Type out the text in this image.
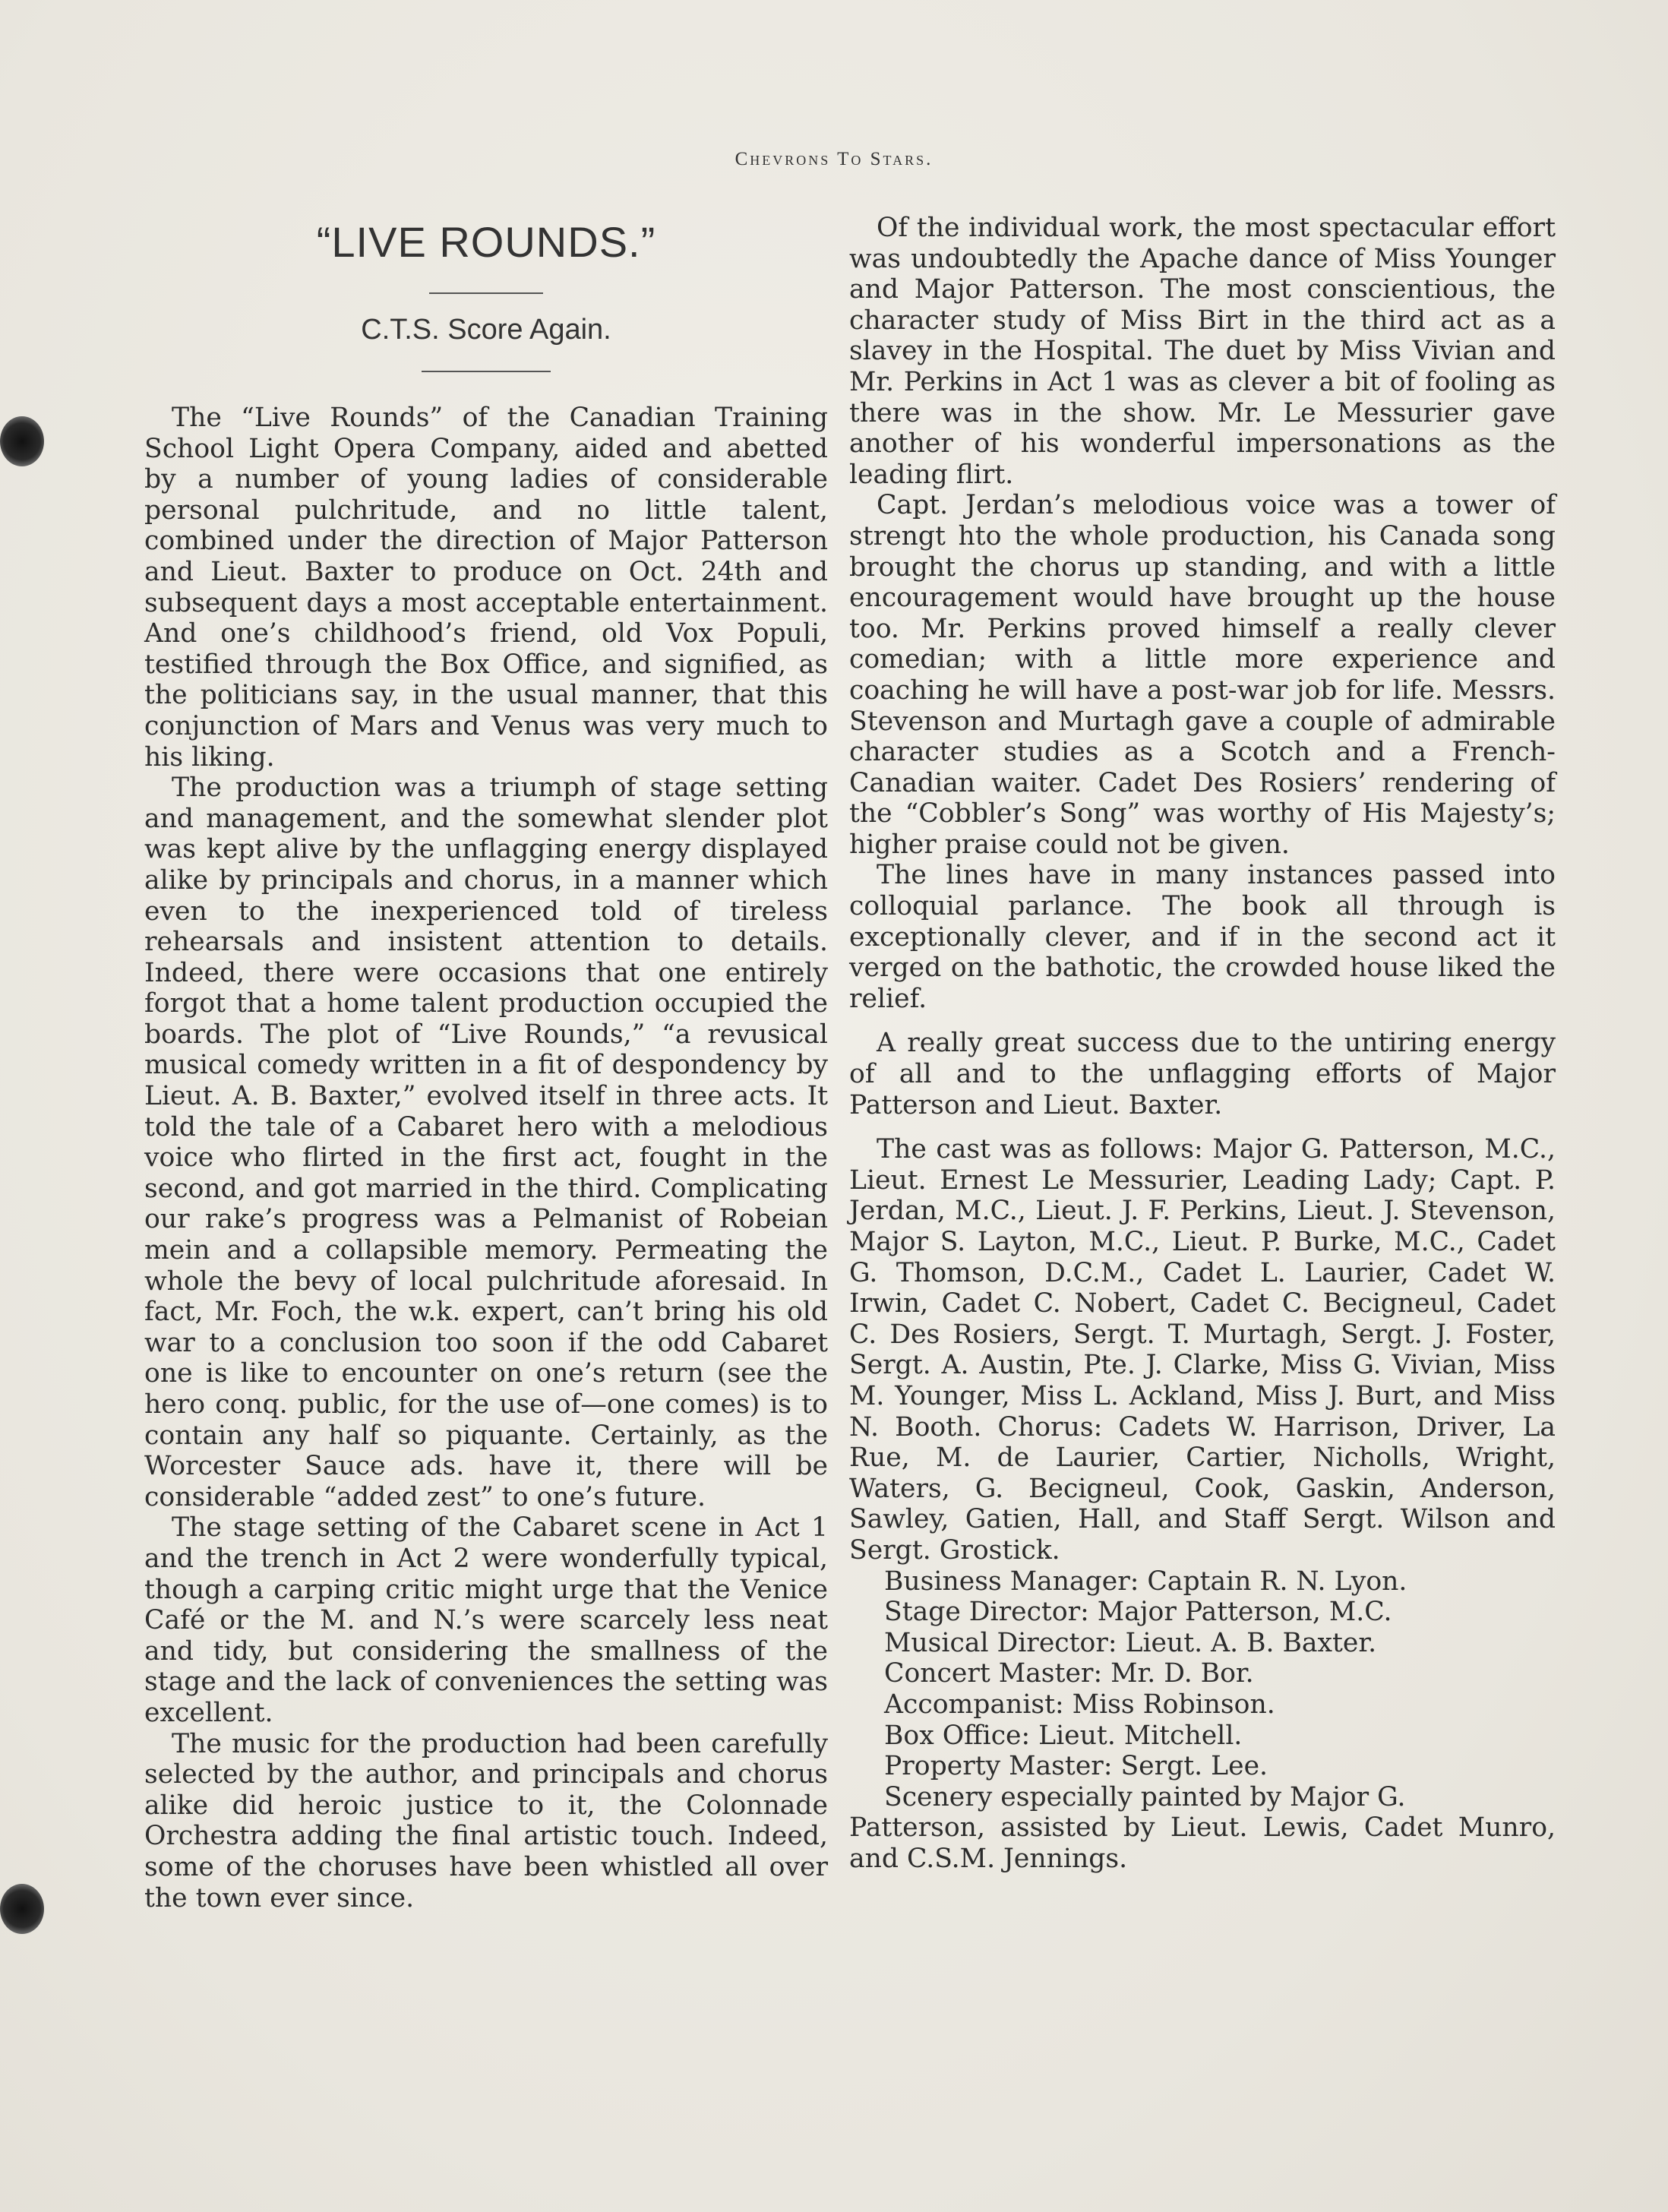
Chevrons To Stars.
“LIVE ROUNDS.”
C.T.S. Score Again.

The “Live Rounds” of the Canadian Training School Light Opera Company, aided and abetted by a number of young ladies of considerable personal pulchritude, and no little talent, combined under the direction of Major Patterson and Lieut. Baxter to produce on Oct. 24th and subsequent days a most acceptable entertainment. And one’s childhood’s friend, old Vox Populi, testified through the Box Office, and signified, as the politicians say, in the usual manner, that this conjunction of Mars and Venus was very much to his liking.

The production was a triumph of stage setting and management, and the somewhat slender plot was kept alive by the unflagging energy displayed alike by principals and chorus, in a manner which even to the inexperienced told of tireless rehearsals and insistent attention to details. Indeed, there were occasions that one entirely forgot that a home talent production occupied the boards. The plot of “Live Rounds,” “a revusical musical comedy written in a fit of despondency by Lieut. A. B. Baxter,” evolved itself in three acts. It told the tale of a Cabaret hero with a melodious voice who flirted in the first act, fought in the second, and got married in the third. Complicating our rake’s progress was a Pelmanist of Robeian mein and a collapsible memory. Permeating the whole the bevy of local pulchritude aforesaid. In fact, Mr. Foch, the w.k. expert, can’t bring his old war to a conclusion too soon if the odd Cabaret one is like to encounter on one’s return (see the hero conq. public, for the use of—one comes) is to contain any half so piquante. Certainly, as the Worcester Sauce ads. have it, there will be considerable “added zest” to one’s future.

The stage setting of the Cabaret scene in Act 1 and the trench in Act 2 were wonderfully typical, though a carping critic might urge that the Venice Café or the M. and N.’s were scarcely less neat and tidy, but considering the smallness of the stage and the lack of conveniences the setting was excellent.

The music for the production had been carefully selected by the author, and principals and chorus alike did heroic justice to it, the Colonnade Orchestra adding the final artistic touch. Indeed, some of the choruses have been whistled all over the town ever since.

Of the individual work, the most spectacular effort was undoubtedly the Apache dance of Miss Younger and Major Patterson. The most conscientious, the character study of Miss Birt in the third act as a slavey in the Hospital. The duet by Miss Vivian and Mr. Perkins in Act 1 was as clever a bit of fooling as there was in the show. Mr. Le Messurier gave another of his wonderful impersonations as the leading flirt.

Capt. Jerdan’s melodious voice was a tower of strengt hto the whole production, his Canada song brought the chorus up standing, and with a little encouragement would have brought up the house too. Mr. Perkins proved himself a really clever comedian; with a little more experience and coaching he will have a post-war job for life. Messrs. Stevenson and Murtagh gave a couple of admirable character studies as a Scotch and a French-Canadian waiter. Cadet Des Rosiers’ rendering of the “Cobbler’s Song” was worthy of His Majesty’s; higher praise could not be given.

The lines have in many instances passed into colloquial parlance. The book all through is exceptionally clever, and if in the second act it verged on the bathotic, the crowded house liked the relief.

A really great success due to the untiring energy of all and to the unflagging efforts of Major Patterson and Lieut. Baxter.

The cast was as follows: Major G. Patterson, M.C., Lieut. Ernest Le Messurier, Leading Lady; Capt. P. Jerdan, M.C., Lieut. J. F. Perkins, Lieut. J. Stevenson, Major S. Layton, M.C., Lieut. P. Burke, M.C., Cadet G. Thomson, D.C.M., Cadet L. Laurier, Cadet W. Irwin, Cadet C. Nobert, Cadet C. Becigneul, Cadet C. Des Rosiers, Sergt. T. Murtagh, Sergt. J. Foster, Sergt. A. Austin, Pte. J. Clarke, Miss G. Vivian, Miss M. Younger, Miss L. Ackland, Miss J. Burt, and Miss N. Booth. Chorus: Cadets W. Harrison, Driver, La Rue, M. de Laurier, Cartier, Nicholls, Wright, Waters, G. Becigneul, Cook, Gaskin, Anderson, Sawley, Gatien, Hall, and Staff Sergt. Wilson and Sergt. Grostick.

Business Manager: Captain R. N. Lyon.
Stage Director: Major Patterson, M.C.
Musical Director: Lieut. A. B. Baxter.
Concert Master: Mr. D. Bor.
Accompanist: Miss Robinson.
Box Office: Lieut. Mitchell.
Property Master: Sergt. Lee.
Scenery especially painted by Major G.
Patterson, assisted by Lieut. Lewis, Cadet Munro, and C.S.M. Jennings.
